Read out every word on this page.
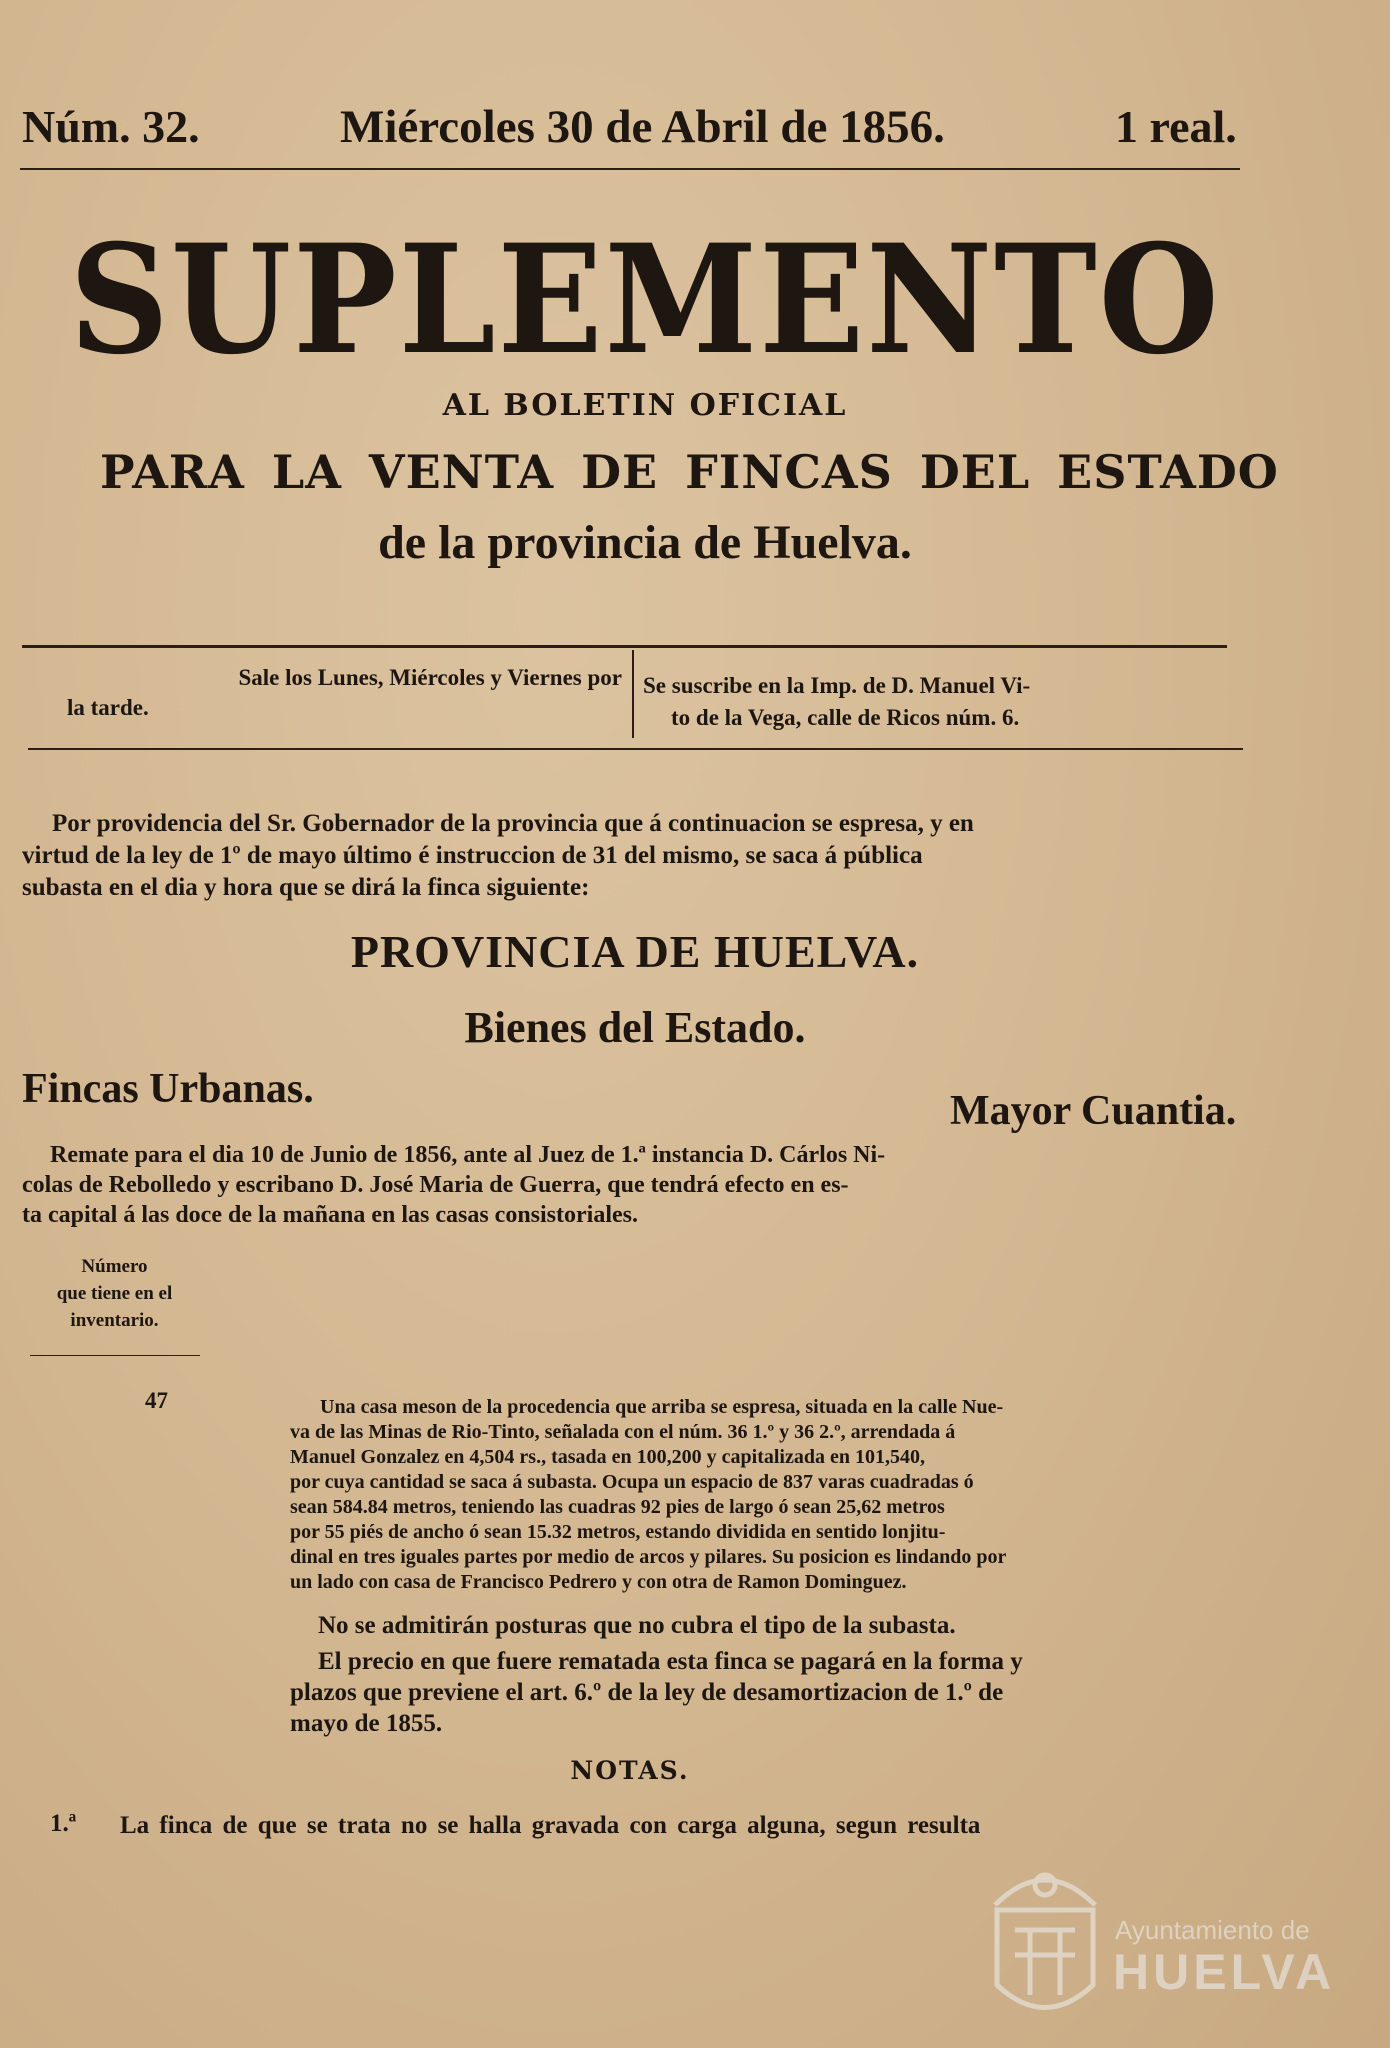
Núm. 32.	Miércoles 30 de Abril de 1856.	1 real.
SUPLEMENTO
AL BOLETIN OFICIAL
PARA LA VENTA DE FINCAS DEL ESTADO
de la provincia de Huelva.
Sale los Lunes, Miércoles y Viernes por
la tarde.
Se suscribe en la Imp. de D. Manuel Vi-
to de la Vega, calle de Ricos núm. 6.
Por providencia del Sr. Gobernador de la provincia que á continuacion se espresa, y en
virtud de la ley de 1º de mayo último é instruccion de 31 del mismo, se saca á pública
subasta en el dia y hora que se dirá la finca siguiente:
PROVINCIA DE HUELVA.
Bienes del Estado.
Fincas Urbanas.	Mayor Cuantia.
Remate para el dia 10 de Junio de 1856, ante al Juez de 1.ª instancia D. Cárlos Ni-
colas de Rebolledo y escribano D. José Maria de Guerra, que tendrá efecto en es-
ta capital á las doce de la mañana en las casas consistoriales.
Número
que tiene en el
inventario.
47	Una casa meson de la procedencia que arriba se espresa, situada en la calle Nue-
va de las Minas de Rio-Tinto, señalada con el núm. 36 1.º y 36 2.º, arrendada á
Manuel Gonzalez en 4,504 rs., tasada en 100,200 y capitalizada en 101,540,
por cuya cantidad se saca á subasta. Ocupa un espacio de 837 varas cuadradas ó
sean 584.84 metros, teniendo las cuadras 92 pies de largo ó sean 25,62 metros
por 55 piés de ancho ó sean 15.32 metros, estando dividida en sentido lonjitu-
dinal en tres iguales partes por medio de arcos y pilares. Su posicion es lindando por
un lado con casa de Francisco Pedrero y con otra de Ramon Dominguez.
No se admitirán posturas que no cubra el tipo de la subasta.
El precio en que fuere rematada esta finca se pagará en la forma y
plazos que previene el art. 6.º de la ley de desamortizacion de 1.º de
mayo de 1855.
NOTAS.
1.ª La finca de que se trata no se halla gravada con carga alguna, segun resulta
Ayuntamiento de
HUELVA
